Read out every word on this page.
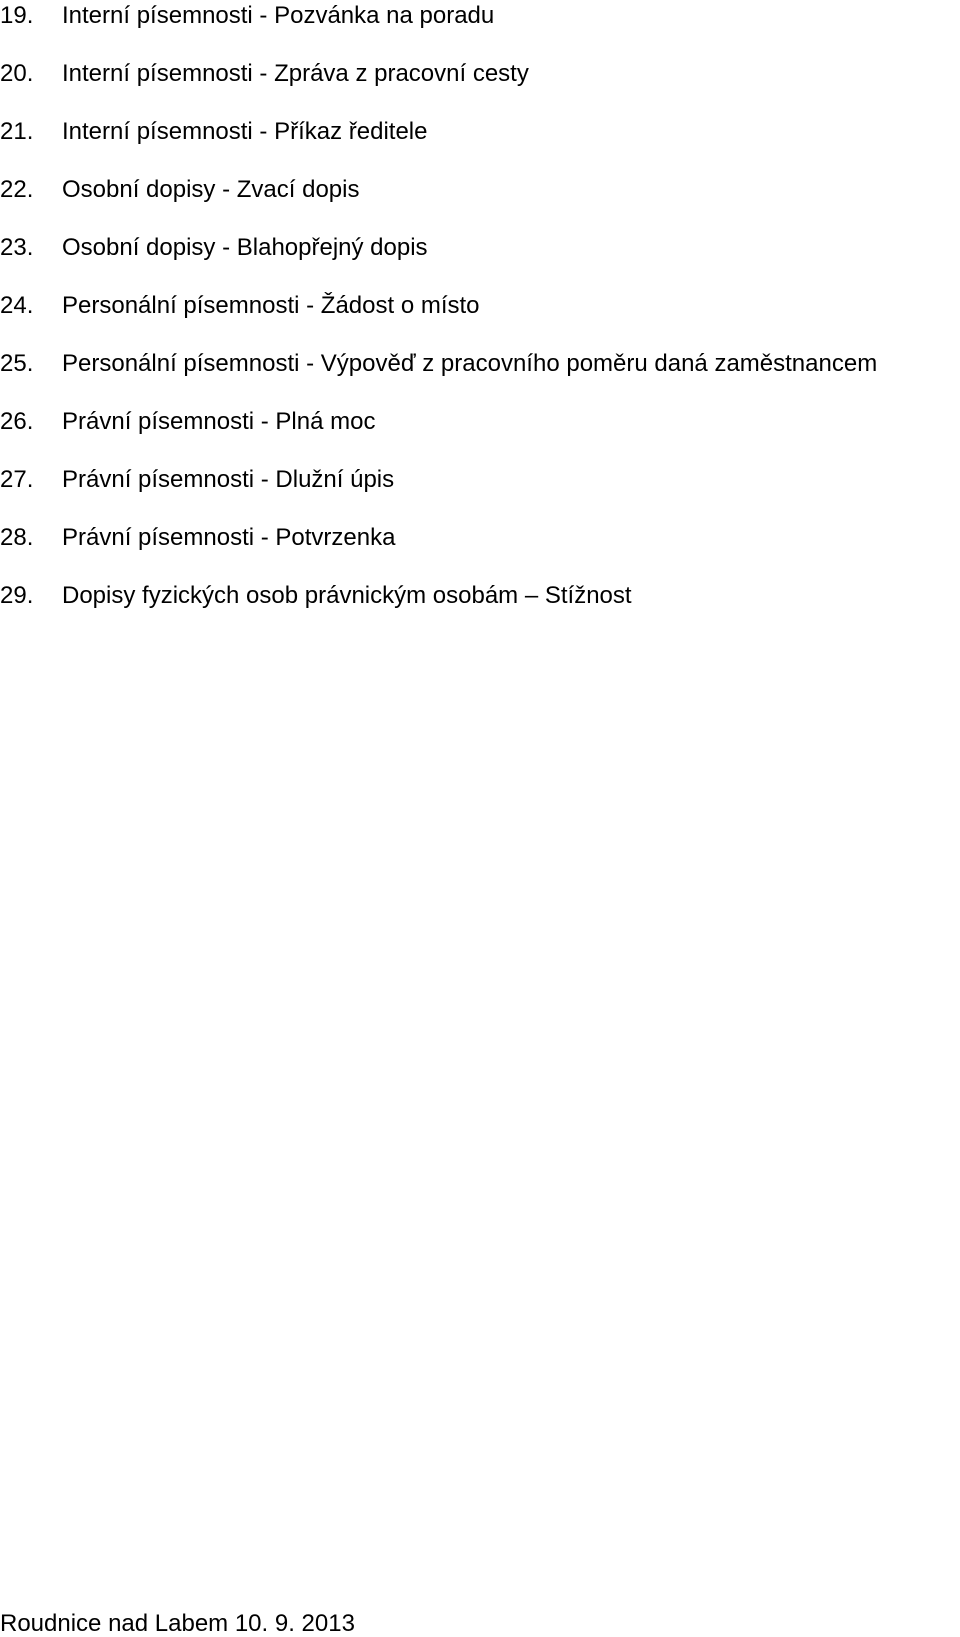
19.	Interní písemnosti - Pozvánka na poradu
20.	Interní písemnosti - Zpráva z pracovní cesty
21.	Interní písemnosti - Příkaz ředitele
22.	Osobní dopisy - Zvací dopis
23.	Osobní dopisy - Blahopřejný dopis
24.	Personální písemnosti - Žádost o místo
25.	Personální písemnosti - Výpověď z pracovního poměru daná zaměstnancem
26.	Právní písemnosti - Plná moc
27.	Právní písemnosti - Dlužní úpis
28.	Právní písemnosti - Potvrzenka
29.	Dopisy fyzických osob právnickým osobám – Stížnost
Roudnice nad Labem 10. 9. 2013
